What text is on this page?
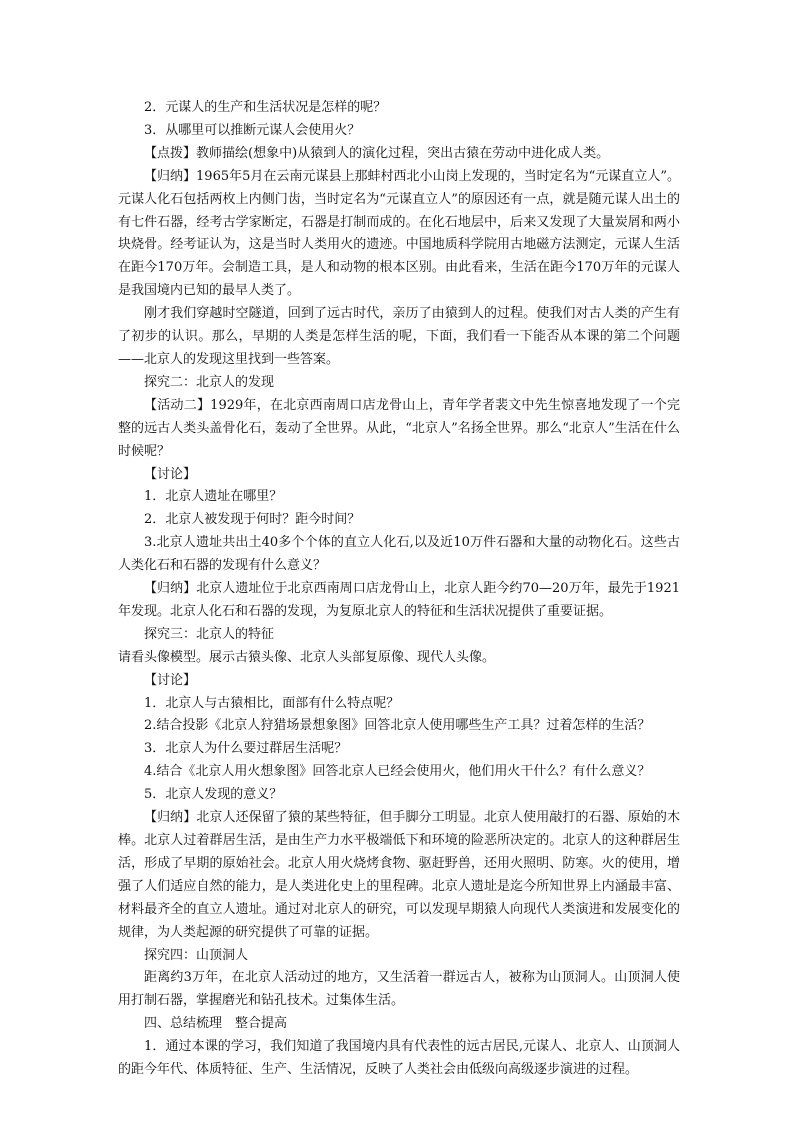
2．元谋人的生产和生活状况是怎样的呢？

3．从哪里可以推断元谋人会使用火？

【点拨】教师描绘(想象中)从猿到人的演化过程，突出古猿在劳动中进化成人类。

【归纳】1965年5月在云南元谋县上那蚌村西北小山岗上发现的，当时定名为“元谋直立人”。元谋人化石包括两枚上内侧门齿，当时定名为“元谋直立人”的原因还有一点，就是随元谋人出土的有七件石器，经考古学家断定，石器是打制而成的。在化石地层中，后来又发现了大量炭屑和两小块烧骨。经考证认为，这是当时人类用火的遗迹。中国地质科学院用古地磁方法测定，元谋人生活在距今170万年。会制造工具，是人和动物的根本区别。由此看来，生活在距今170万年的元谋人是我国境内已知的最早人类了。

刚才我们穿越时空隧道，回到了远古时代，亲历了由猿到人的过程。使我们对古人类的产生有了初步的认识。那么，早期的人类是怎样生活的呢，下面，我们看一下能否从本课的第二个问题——北京人的发现这里找到一些答案。

探究二：北京人的发现

【活动二】1929年，在北京西南周口店龙骨山上，青年学者裴文中先生惊喜地发现了一个完整的远古人类头盖骨化石，轰动了全世界。从此，“北京人”名扬全世界。那么“北京人”生活在什么时候呢？

【讨论】

1．北京人遗址在哪里？

2．北京人被发现于何时？距今时间？

3.北京人遗址共出土40多个个体的直立人化石,以及近10万件石器和大量的动物化石。这些古人类化石和石器的发现有什么意义？

【归纳】北京人遗址位于北京西南周口店龙骨山上，北京人距今约70—20万年，最先于1921年发现。北京人化石和石器的发现，为复原北京人的特征和生活状况提供了重要证据。

探究三：北京人的特征

请看头像模型。展示古猿头像、北京人头部复原像、现代人头像。

【讨论】

1．北京人与古猿相比，面部有什么特点呢？

2.结合投影《北京人狩猎场景想象图》回答北京人使用哪些生产工具？过着怎样的生活？

3．北京人为什么要过群居生活呢？

4.结合《北京人用火想象图》回答北京人已经会使用火，他们用火干什么？有什么意义？

5．北京人发现的意义？

【归纳】北京人还保留了猿的某些特征，但手脚分工明显。北京人使用敲打的石器、原始的木棒。北京人过着群居生活，是由生产力水平极端低下和环境的险恶所决定的。北京人的这种群居生活，形成了早期的原始社会。北京人用火烧烤食物、驱赶野兽，还用火照明、防寒。火的使用，增强了人们适应自然的能力，是人类进化史上的里程碑。北京人遗址是迄今所知世界上内涵最丰富、材料最齐全的直立人遗址。通过对北京人的研究，可以发现早期猿人向现代人类演进和发展变化的规律，为人类起源的研究提供了可靠的证据。

探究四：山顶洞人

距离约3万年，在北京人活动过的地方，又生活着一群远古人，被称为山顶洞人。山顶洞人使用打制石器，掌握磨光和钻孔技术。过集体生活。

四、总结梳理　整合提高

1．通过本课的学习，我们知道了我国境内具有代表性的远古居民,元谋人、北京人、山顶洞人的距今年代、体质特征、生产、生活情况，反映了人类社会由低级向高级逐步演进的过程。
